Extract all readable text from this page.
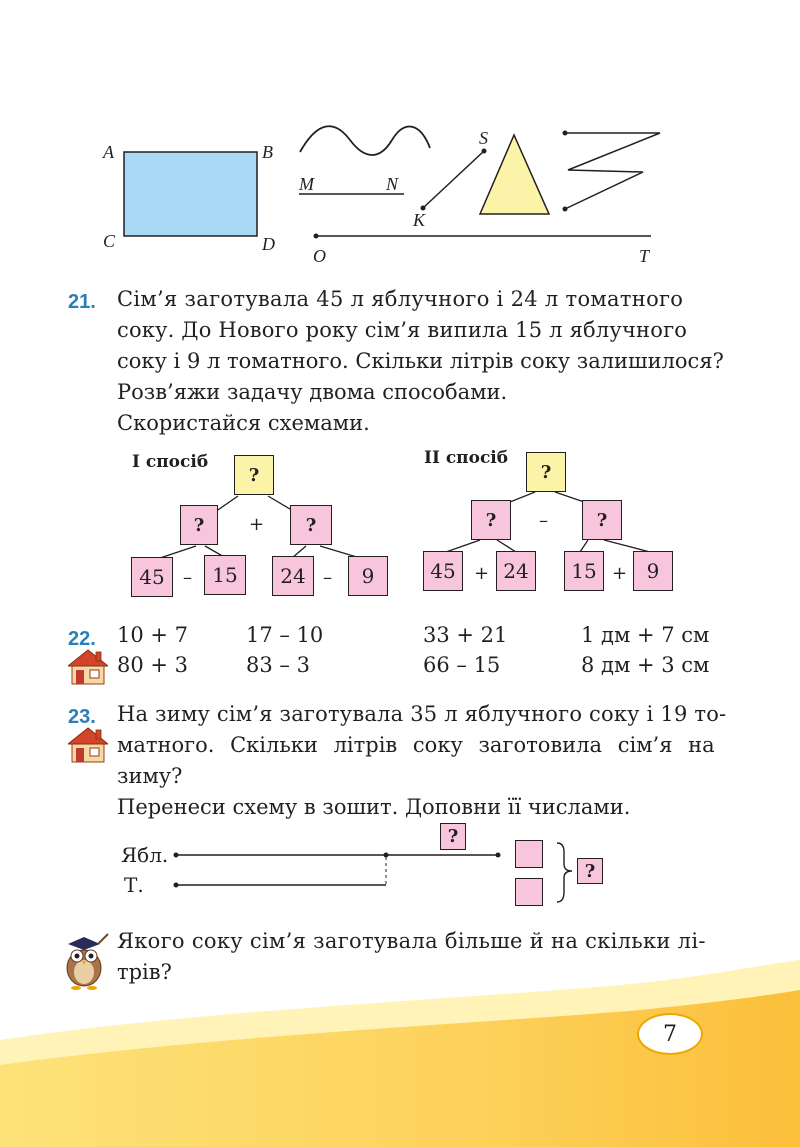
A	B
C	D
M	N
K
S
O	T
21. Сім’я заготувала 45 л яблучного і 24 л томатного
соку. До Нового року сім’я випила 15 л яблучного
соку і 9 л томатного. Скільки літрів соку залишилося?
Розв’яжи задачу двома способами.
Скористайся схемами.
I спосіб
?
? + ?
45	–	15	24 –	9
II спосіб
?
? –	?
45	+ 24	15 + 9
22. 10 + 7	17 – 10	33 + 21	1 дм + 7 см
80 + 3	83 – 3	66 – 15	8 дм + 3 см
23. На зиму сім’я заготувала 35 л яблучного соку і 19 то-
матного. Скільки літрів соку заготовила сім’я на
зиму?
Перенеси схему в зошит. Доповни її числами.
Ябл.
Т.
?
?
Якого соку сім’я заготувала більше й на скільки лі-
трів?
7
